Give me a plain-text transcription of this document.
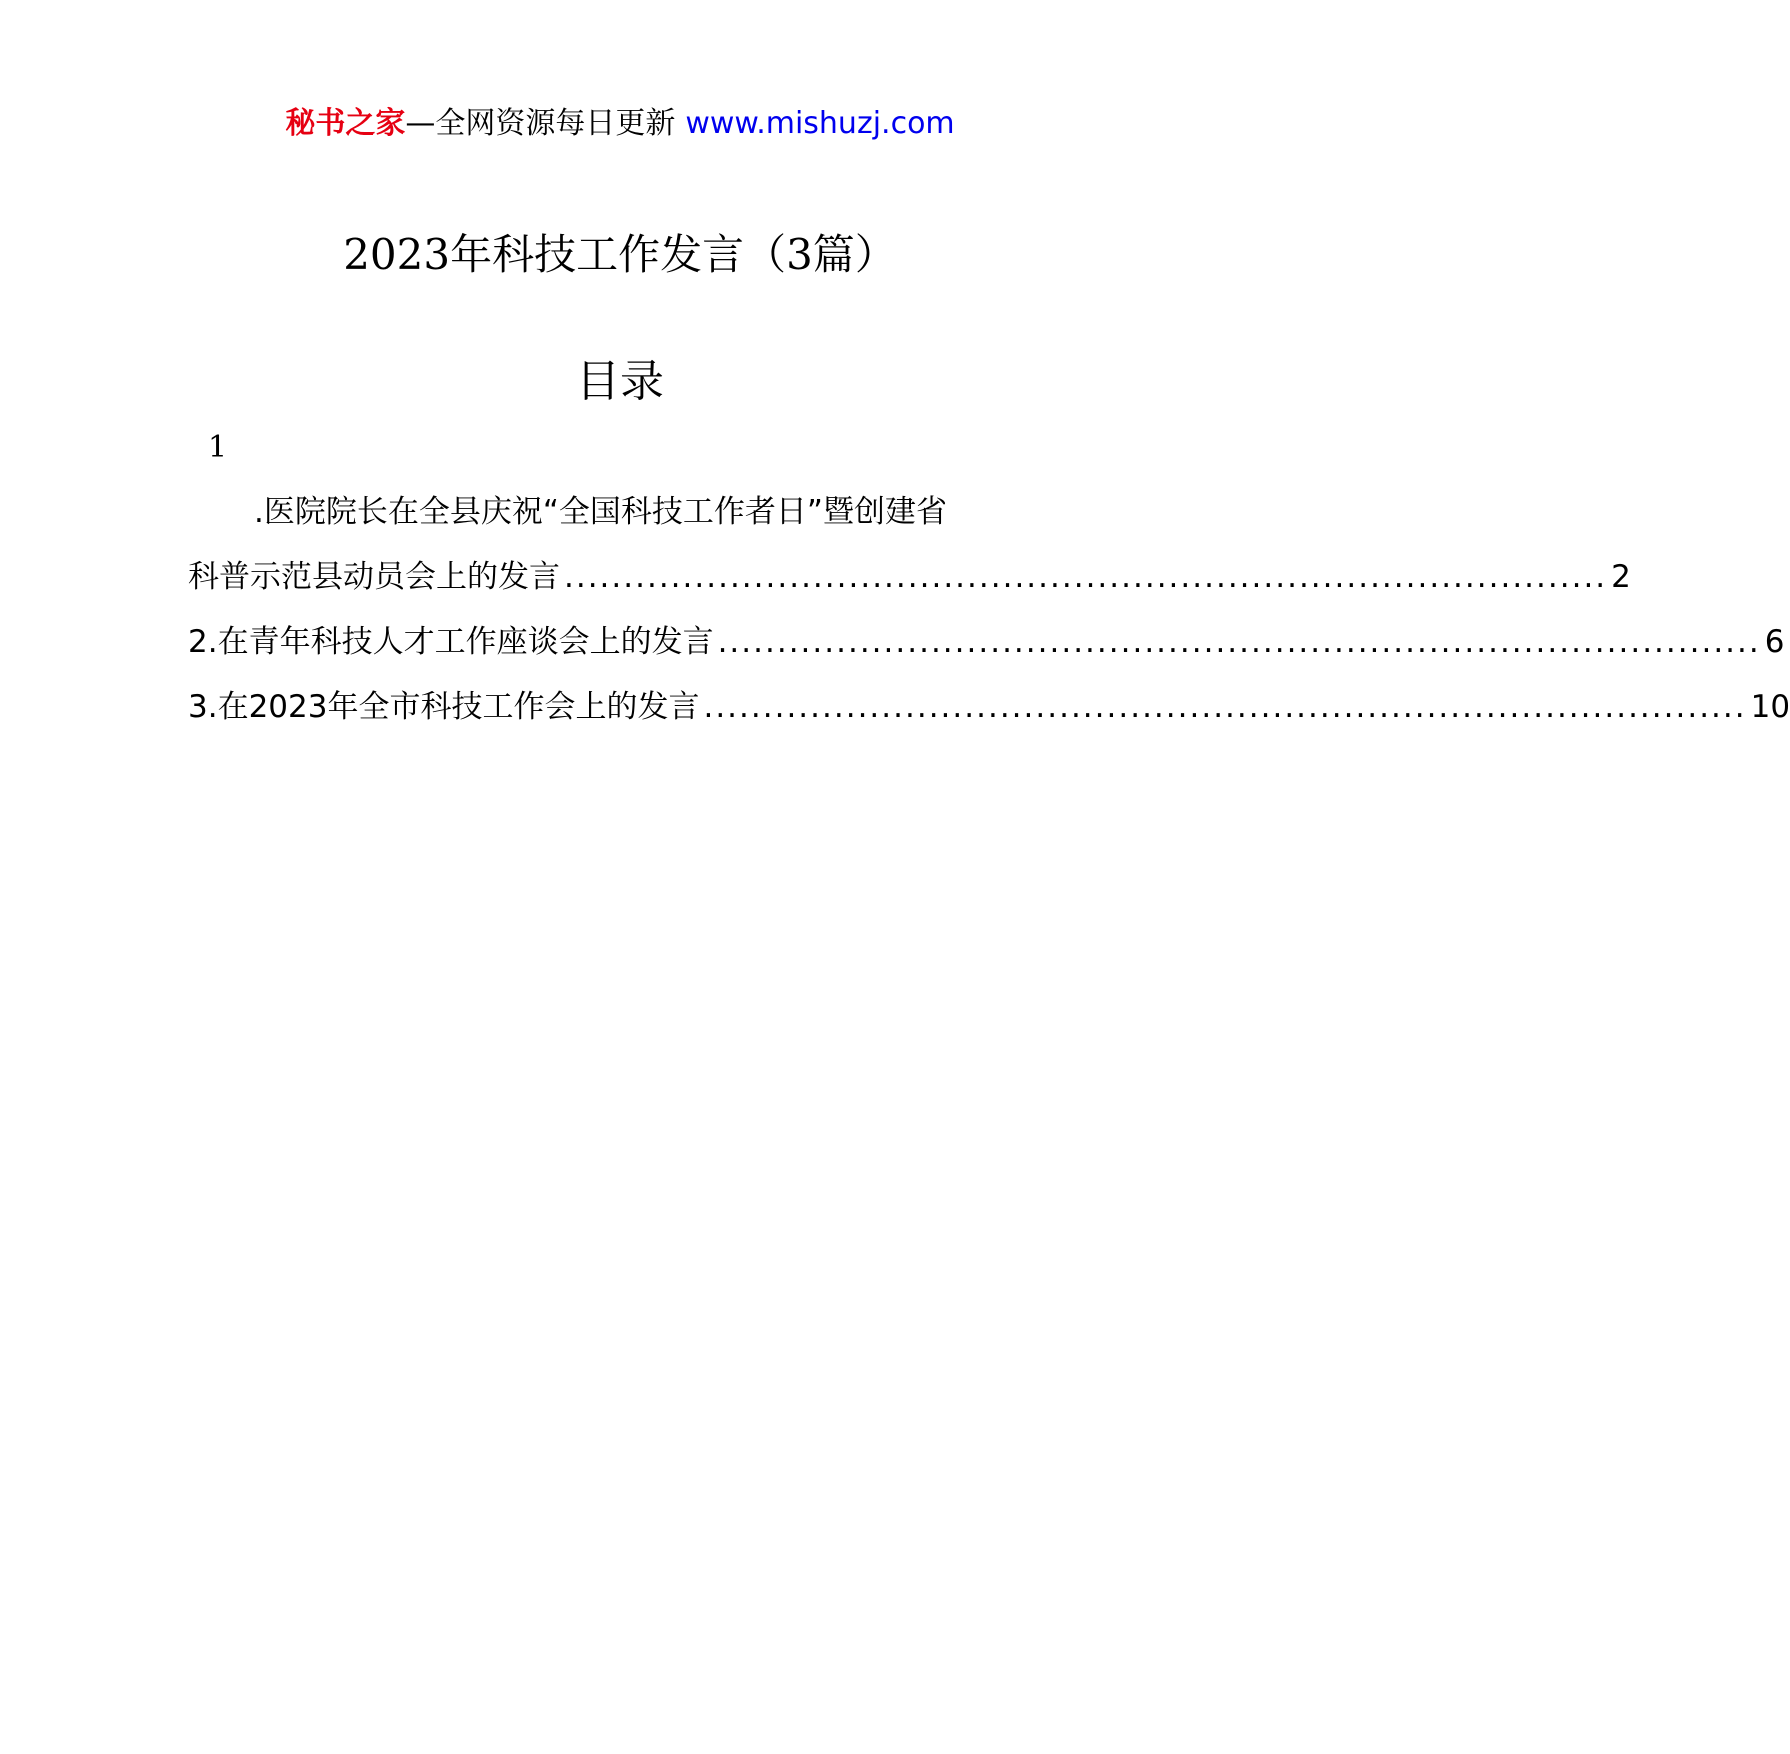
秘书之家—全网资源每日更新 www.mishuzj.com
2023年科技工作发言（3篇）
目录
1
.医院院长在全县庆祝“全国科技工作者日”暨创建省
科普示范县动员会上的发言 ........................................................................................ 2
2.在青年科技人才工作座谈会上的发言 ........................................................................................ 6
3.在2023年全市科技工作会上的发言 ........................................................................................ 10
